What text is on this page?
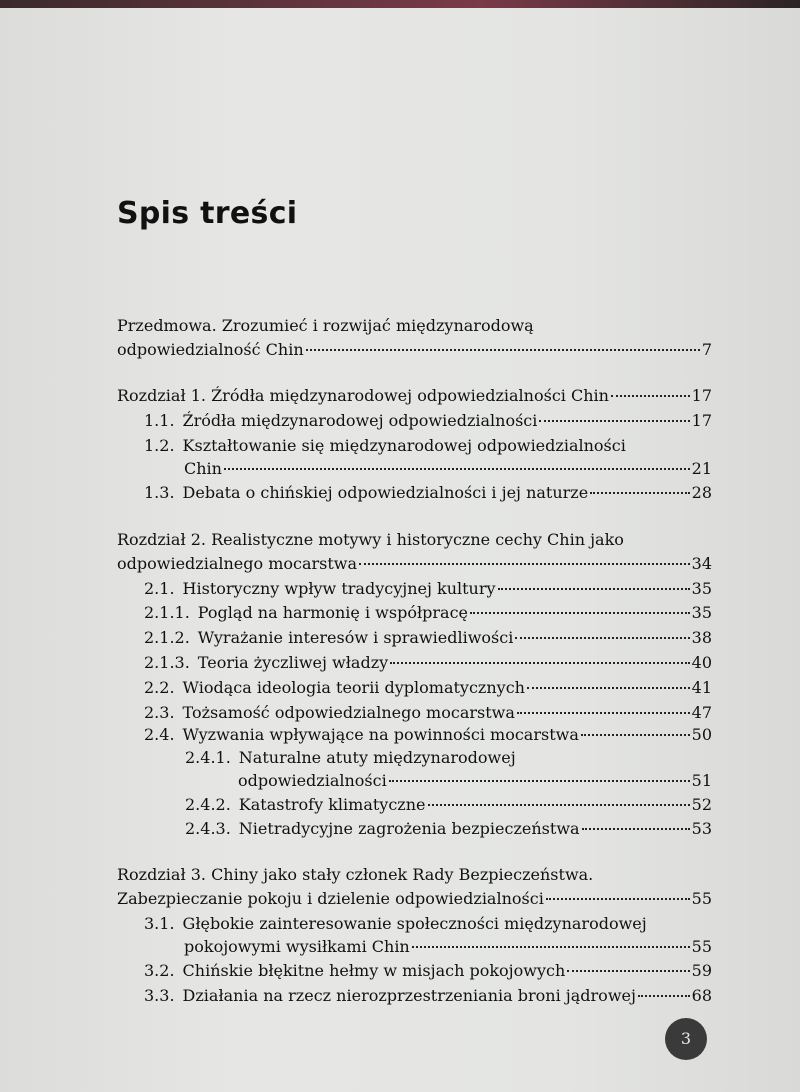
Spis treści
Przedmowa. Zrozumieć i rozwijać międzynarodową
odpowiedzialność Chin	7
Rozdział 1. Źródła międzynarodowej odpowiedzialności Chin	17
1.1. Źródła międzynarodowej odpowiedzialności	17
1.2. Kształtowanie się międzynarodowej odpowiedzialności
Chin	21
1.3. Debata o chińskiej odpowiedzialności i jej naturze	28
Rozdział 2. Realistyczne motywy i historyczne cechy Chin jako
odpowiedzialnego mocarstwa	34
2.1. Historyczny wpływ tradycyjnej kultury	35
2.1.1. Pogląd na harmonię i współpracę	35
2.1.2. Wyrażanie interesów i sprawiedliwości	38
2.1.3. Teoria życzliwej władzy	40
2.2. Wiodąca ideologia teorii dyplomatycznych	41
2.3. Tożsamość odpowiedzialnego mocarstwa	47
2.4. Wyzwania wpływające na powinności mocarstwa	50
2.4.1. Naturalne atuty międzynarodowej
odpowiedzialności	51
2.4.2. Katastrofy klimatyczne	52
2.4.3. Nietradycyjne zagrożenia bezpieczeństwa	53
Rozdział 3. Chiny jako stały członek Rady Bezpieczeństwa.
Zabezpieczanie pokoju i dzielenie odpowiedzialności	55
3.1. Głębokie zainteresowanie społeczności międzynarodowej
pokojowymi wysiłkami Chin	55
3.2. Chińskie błękitne hełmy w misjach pokojowych	59
3.3. Działania na rzecz nierozprzestrzeniania broni jądrowej	68
3
